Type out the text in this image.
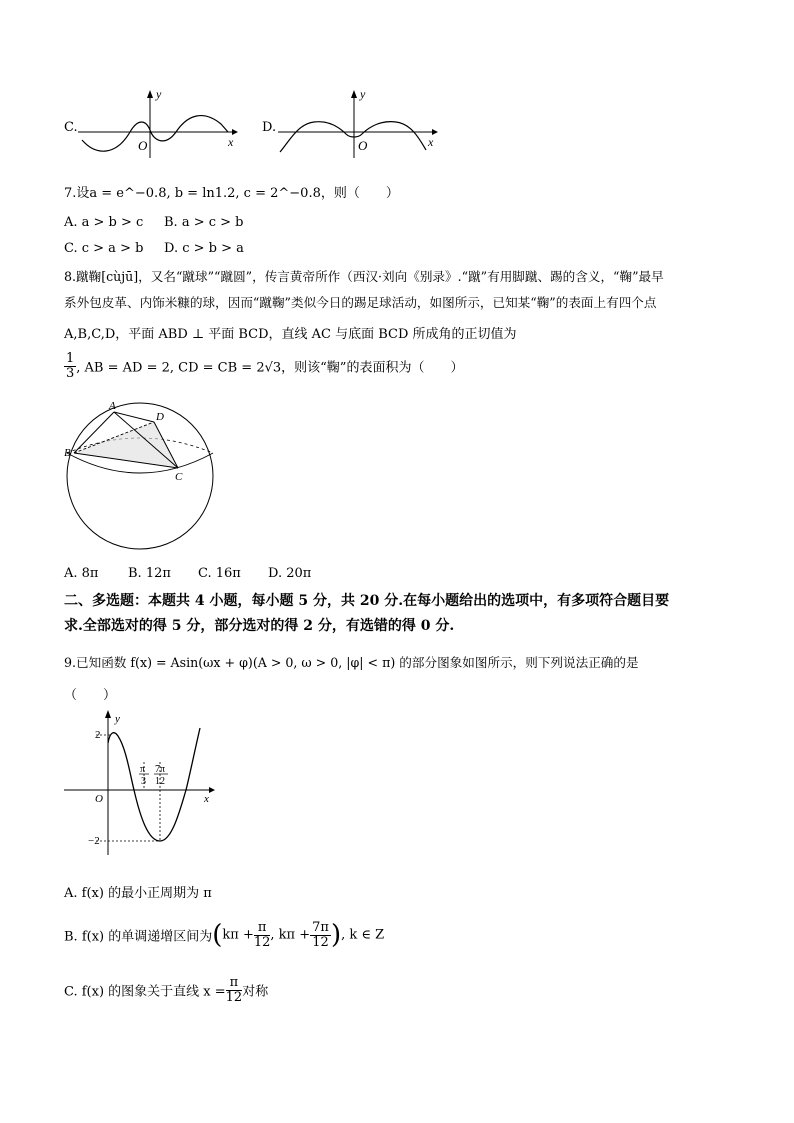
C.
y
x
O
D.
y
x
O
7.设a = e^−0.8, b = ln1.2, c = 2^−0.8，则（　　）
A. a > b > c B. a > c > b
C. c > a > b D. c > b > a
8.蹴鞠[cùjū]，又名“蹴球”“蹴圆”，传言黄帝所作（西汉·刘向《别录》.“蹴”有用脚蹴、踢的含义，“鞠”最早
系外包皮革、内饰米糠的球，因而“蹴鞠”类似今日的踢足球活动，如图所示，已知某“鞠”的表面上有四个点
A,B,C,D，平面 ABD ⊥ 平面 BCD，直线 AC 与底面 BCD 所成角的正切值为
$\frac{1}{3}$ , AB = AD = 2, CD = CB = 2√3，则该“鞠”的表面积为（　　）
A
B
C
D
A. 8π B. 12π C. 16π D. 20π
二、多选题：本题共 4 小题，每小题 5 分，共 20 分.在每小题给出的选项中，有多项符合题目要
求.全部选对的得 5 分，部分选对的得 2 分，有选错的得 0 分.
9.已知函数 f(x) = Asin(ωx + φ)(A > 0, ω > 0, |φ| < π) 的部分图象如图所示，则下列说法正确的是
（　　）
y
x
O
2
−2
π
3
7π
12
A. f(x) 的最小正周期为 π
B. f(x) 的单调递增区间为($k\pi + \frac{\pi}{12}$ , $k\pi + \frac{7\pi}{12}$ ), k ∈ Z
C. f(x) 的图象关于直线 $x = \frac{\pi}{12}$ 对称
